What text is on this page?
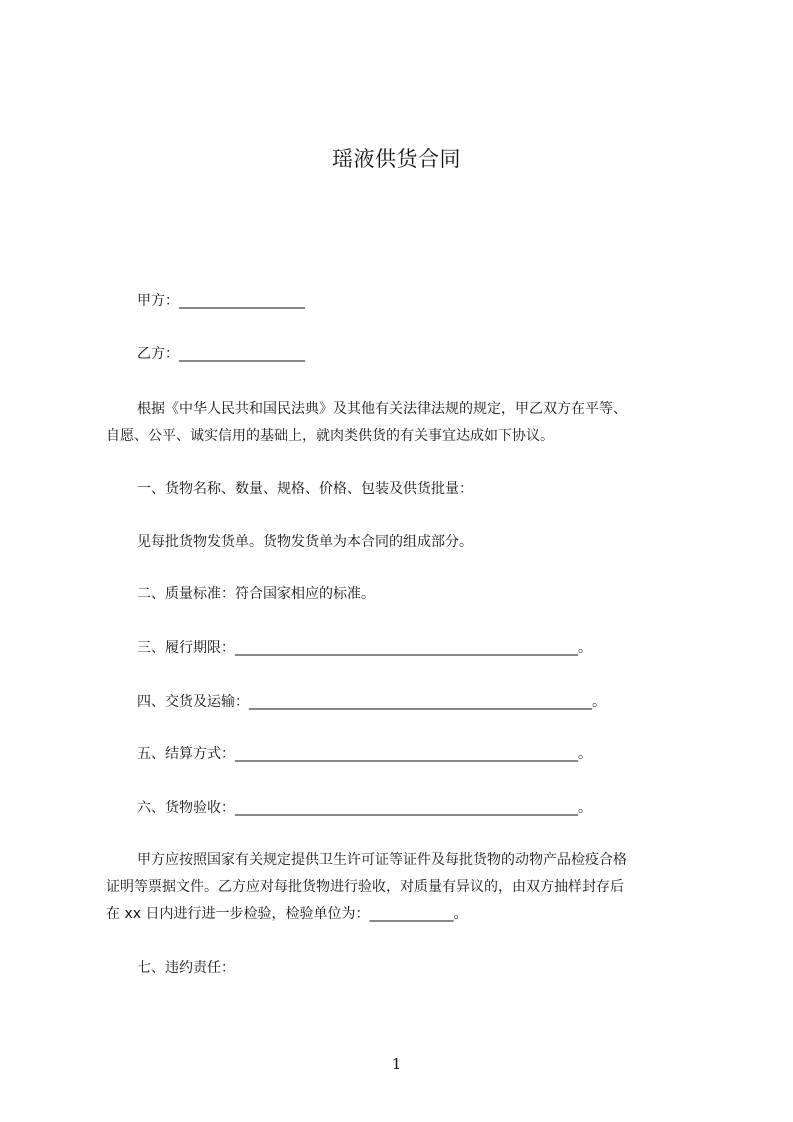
瑶液供货合同
甲方：__________________
乙方：__________________
根据《中华人民共和国民法典》及其他有关法律法规的规定，甲乙双方在平等、
自愿、公平、诚实信用的基础上，就肉类供货的有关事宜达成如下协议。
一、货物名称、数量、规格、价格、包装及供货批量：
见每批货物发货单。货物发货单为本合同的组成部分。
二、质量标准：符合国家相应的标准。
三、履行期限：_________________________________________________。
四、交货及运输：_________________________________________________。
五、结算方式：_________________________________________________。
六、货物验收：_________________________________________________。
甲方应按照国家有关规定提供卫生许可证等证件及每批货物的动物产品检疫合格
证明等票据文件。乙方应对每批货物进行验收，对质量有异议的，由双方抽样封存后
在 xx 日内进行进一步检验，检验单位为：____________。
七、违约责任：
1
